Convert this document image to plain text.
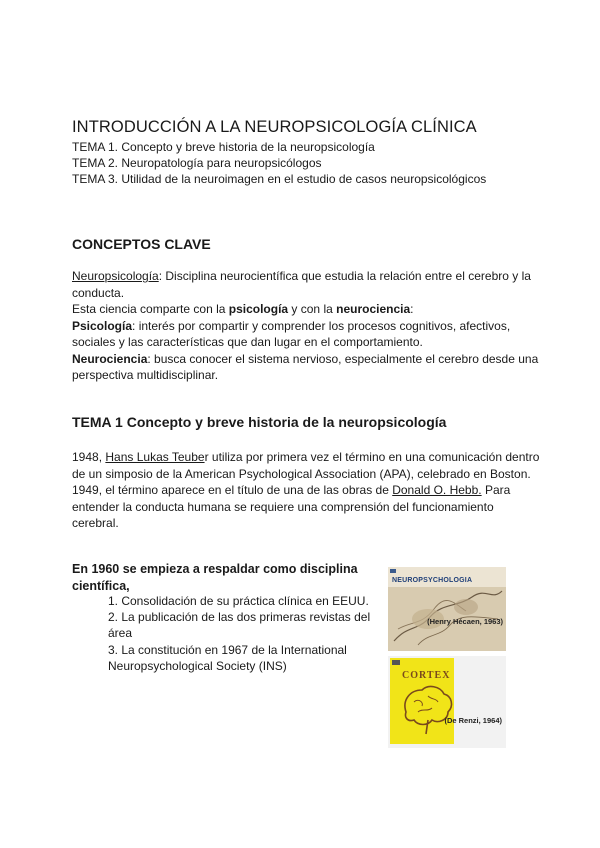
INTRODUCCIÓN A LA NEUROPSICOLOGÍA CLÍNICA
TEMA 1. Concepto y breve historia de la neuropsicología
TEMA 2. Neuropatología para neuropsicólogos
TEMA 3. Utilidad de la neuroimagen en el estudio de casos neuropsicológicos
CONCEPTOS CLAVE

Neuropsicología: Disciplina neurocientífica que estudia la relación entre el cerebro y la conducta.

Esta ciencia comparte con la psicología y con la neurociencia:

Psicología: interés por compartir y comprender los procesos cognitivos, afectivos, sociales y las características que dan lugar en el comportamiento.

Neurociencia: busca conocer el sistema nervioso, especialmente el cerebro desde una perspectiva multidisciplinar.

TEMA 1 Concepto y breve historia de la neuropsicología

1948, Hans Lukas Teuber utiliza por primera vez el término en una comunicación dentro de un simposio de la American Psychological Association (APA), celebrado en Boston.

1949, el término aparece en el título de una de las obras de Donald O. Hebb. Para entender la conducta humana se requiere una comprensión del funcionamiento cerebral.

En 1960 se empieza a respaldar como disciplina científica,
1. Consolidación de su práctica clínica en EEUU.
2. La publicación de las dos primeras revistas del área
3. La constitución en 1967 de la International Neuropsychological Society (INS)
NEUROPSYCHOLOGIA
(Henry Hécaen, 1963)
CORTEX
(De Renzi, 1964)
